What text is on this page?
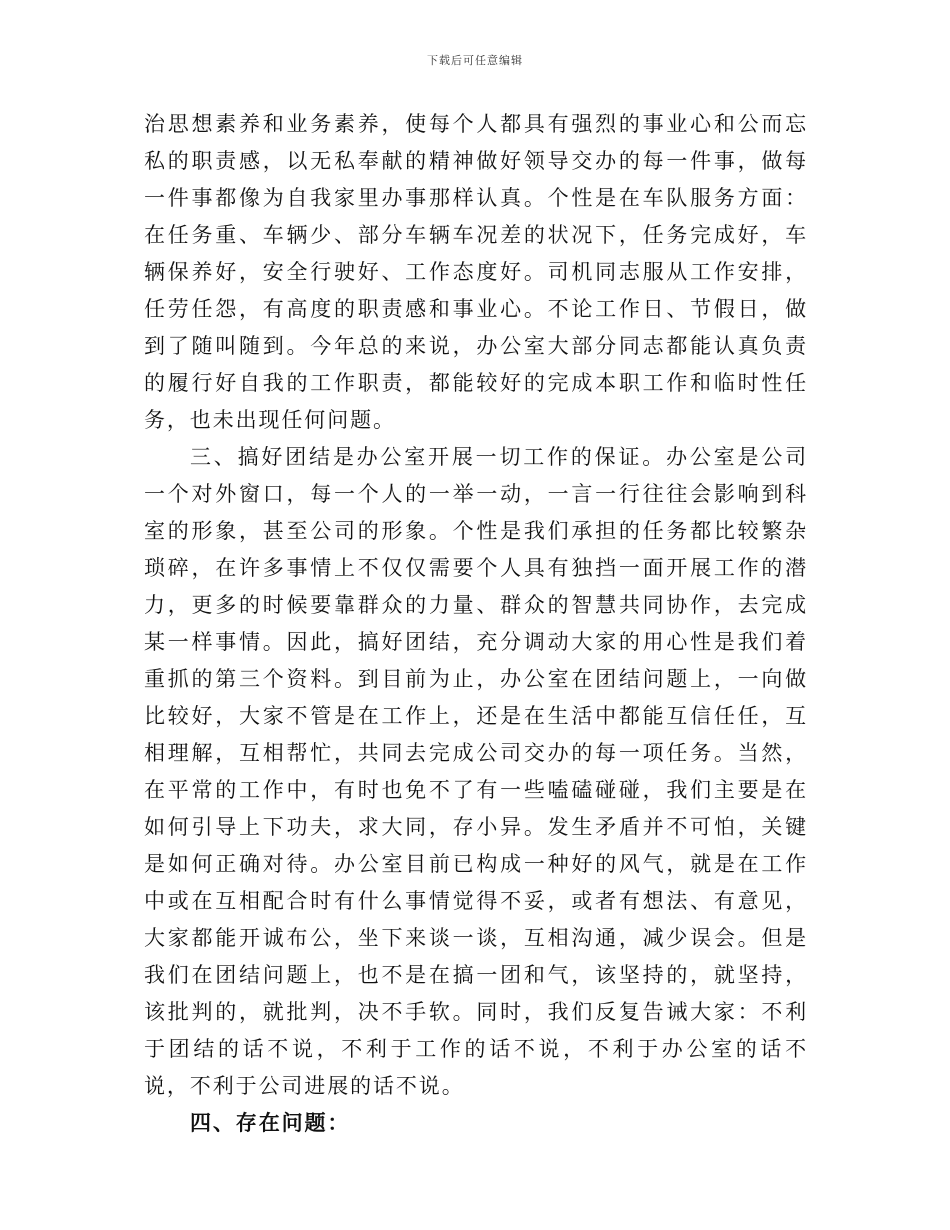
下载后可任意编辑

治思想素养和业务素养，使每个人都具有强烈的事业心和公而忘私的职责感，以无私奉献的精神做好领导交办的每一件事，做每一件事都像为自我家里办事那样认真。个性是在车队服务方面：在任务重、车辆少、部分车辆车况差的状况下，任务完成好，车辆保养好，安全行驶好、工作态度好。司机同志服从工作安排，任劳任怨，有高度的职责感和事业心。不论工作日、节假日，做到了随叫随到。今年总的来说，办公室大部分同志都能认真负责的履行好自我的工作职责，都能较好的完成本职工作和临时性任务，也未出现任何问题。

三、搞好团结是办公室开展一切工作的保证。办公室是公司一个对外窗口，每一个人的一举一动，一言一行往往会影响到科室的形象，甚至公司的形象。个性是我们承担的任务都比较繁杂琐碎，在许多事情上不仅仅需要个人具有独挡一面开展工作的潜力，更多的时候要靠群众的力量、群众的智慧共同协作，去完成某一样事情。因此，搞好团结，充分调动大家的用心性是我们着重抓的第三个资料。到目前为止，办公室在团结问题上，一向做比较好，大家不管是在工作上，还是在生活中都能互信任任，互相理解，互相帮忙，共同去完成公司交办的每一项任务。当然，在平常的工作中，有时也免不了有一些嗑磕碰碰，我们主要是在如何引导上下功夫，求大同，存小异。发生矛盾并不可怕，关键是如何正确对待。办公室目前已构成一种好的风气，就是在工作中或在互相配合时有什么事情觉得不妥，或者有想法、有意见，大家都能开诚布公，坐下来谈一谈，互相沟通，减少误会。但是我们在团结问题上，也不是在搞一团和气，该坚持的，就坚持，该批判的，就批判，决不手软。同时，我们反复告诫大家：不利于团结的话不说，不利于工作的话不说，不利于办公室的话不说，不利于公司进展的话不说。

四、存在问题：
